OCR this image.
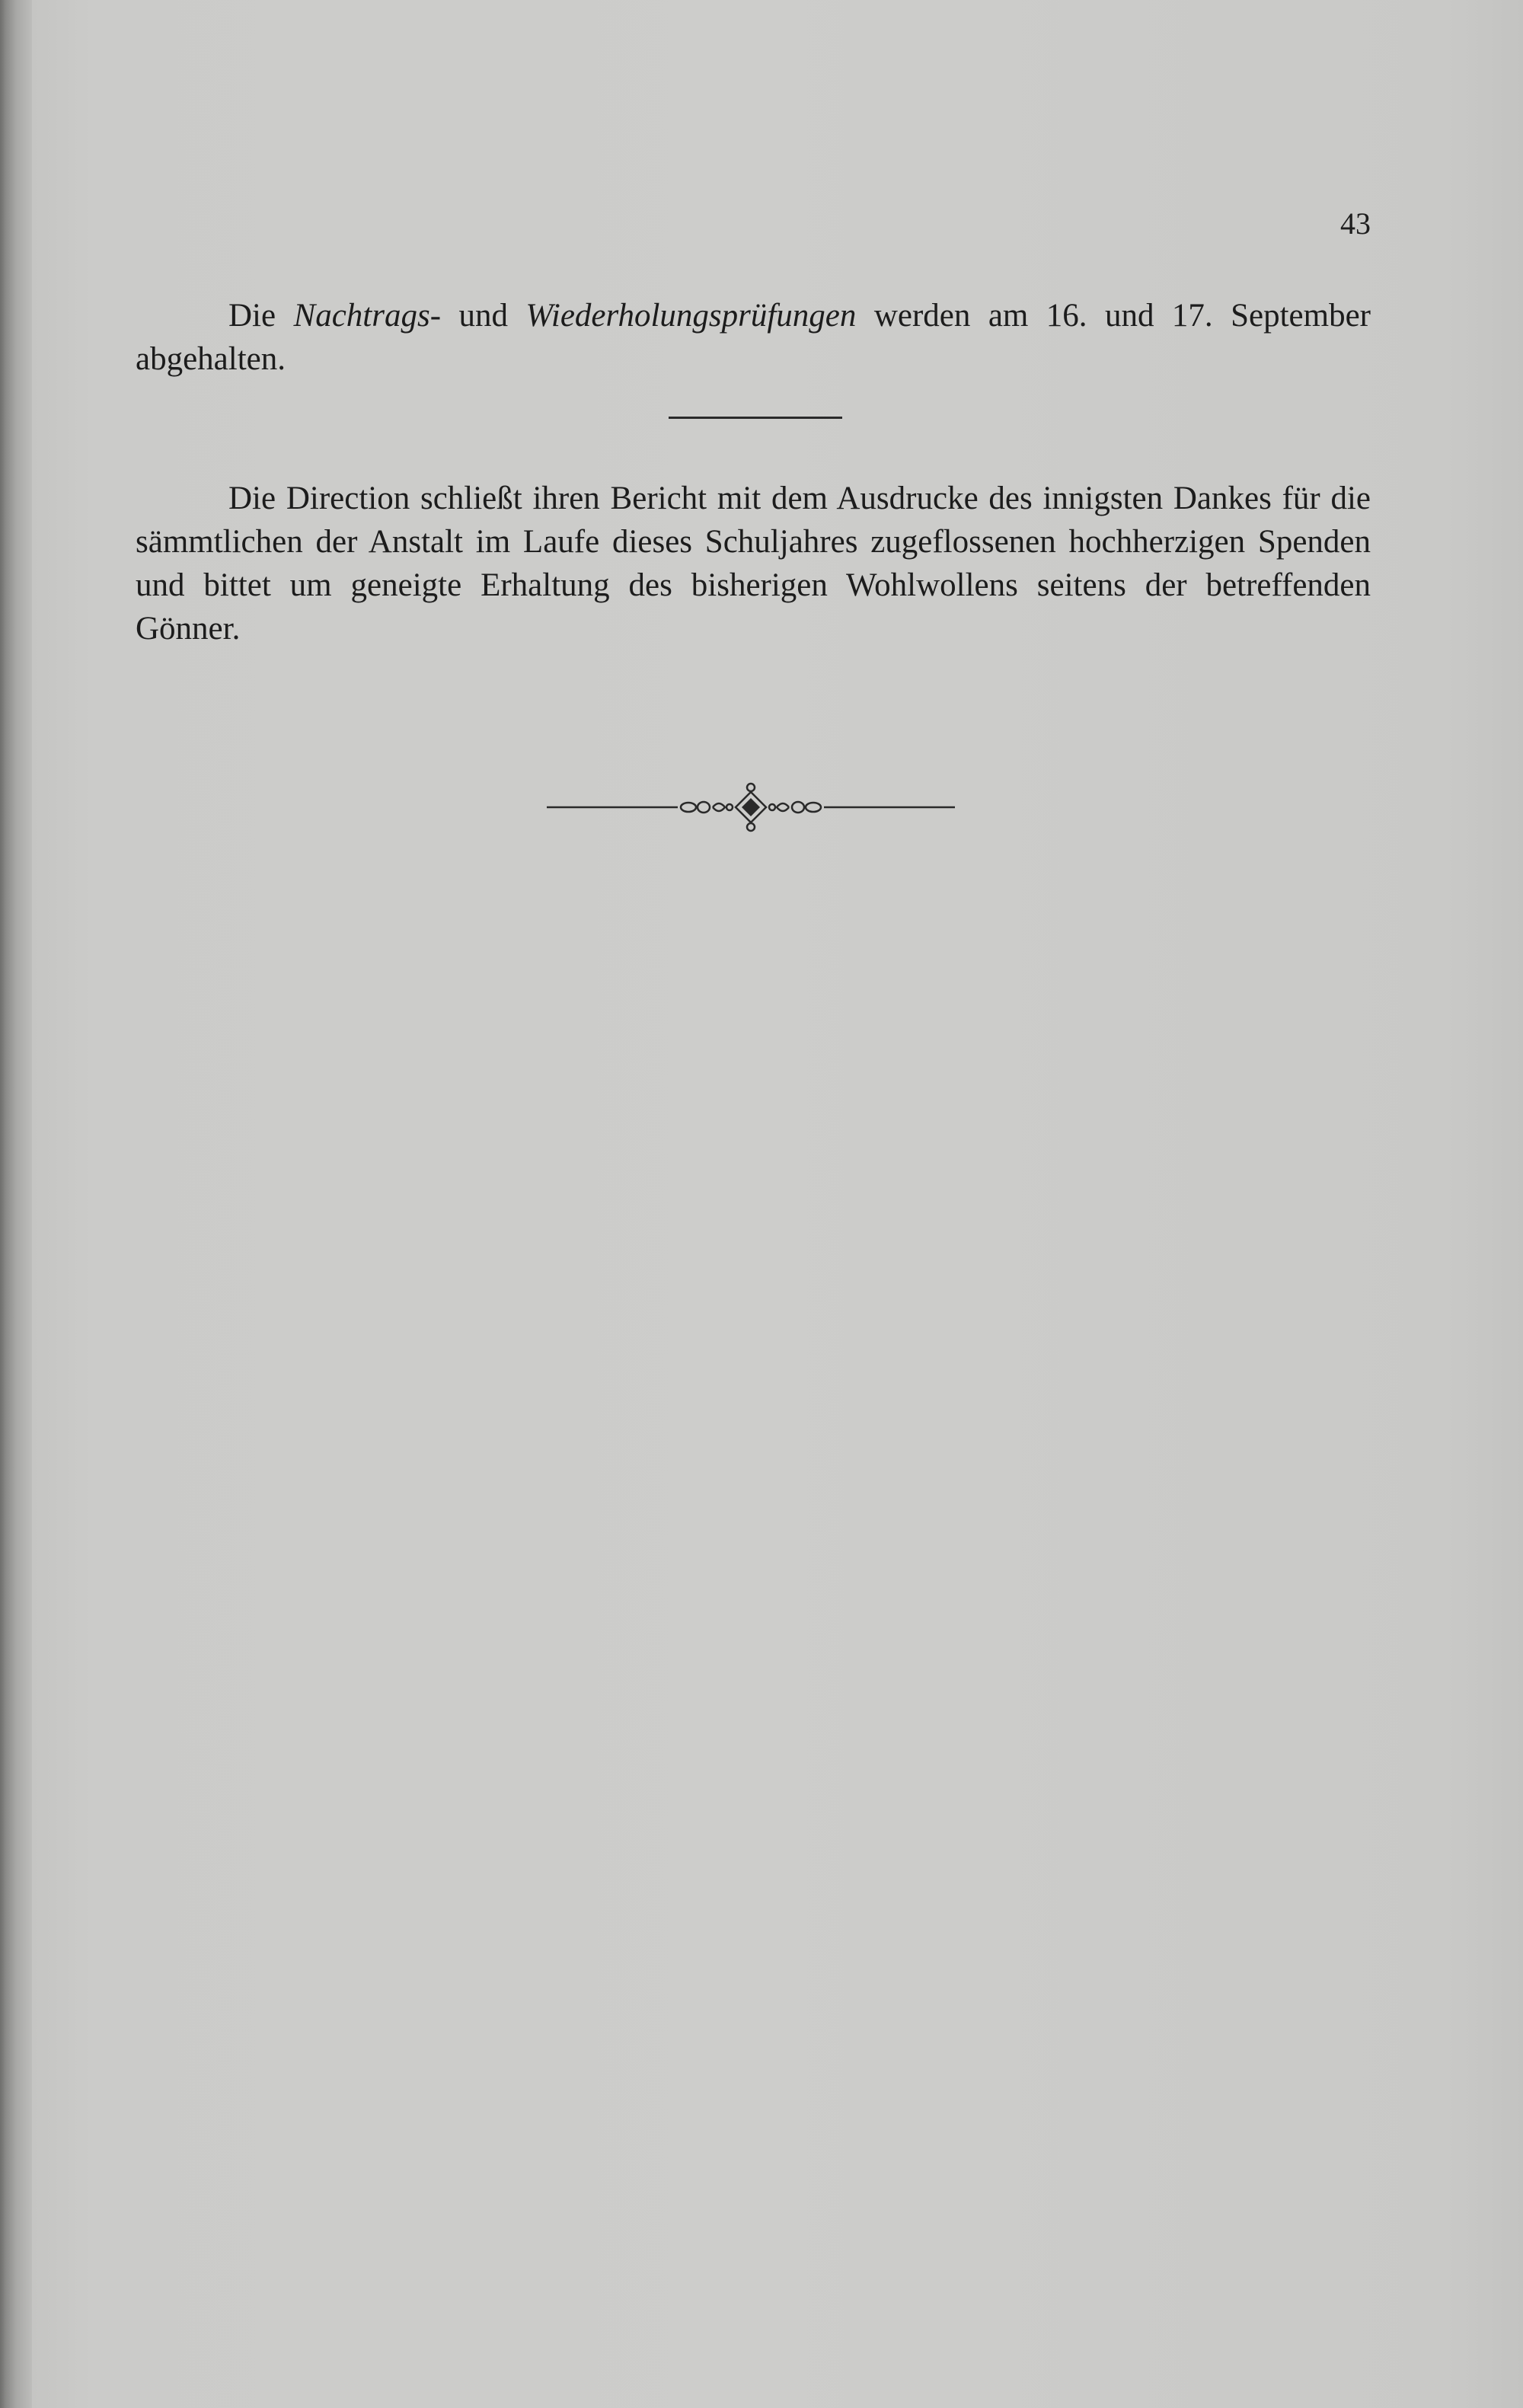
43

Die Nachtrags- und Wiederholungsprüfungen werden am 16. und 17. September abgehalten.

Die Direction schließt ihren Bericht mit dem Ausdrucke des innigsten Dankes für die sämmtlichen der Anstalt im Laufe dieses Schuljahres zugeflossenen hochherzigen Spenden und bittet um geneigte Erhaltung des bisherigen Wohlwollens seitens der betreffenden Gönner.
